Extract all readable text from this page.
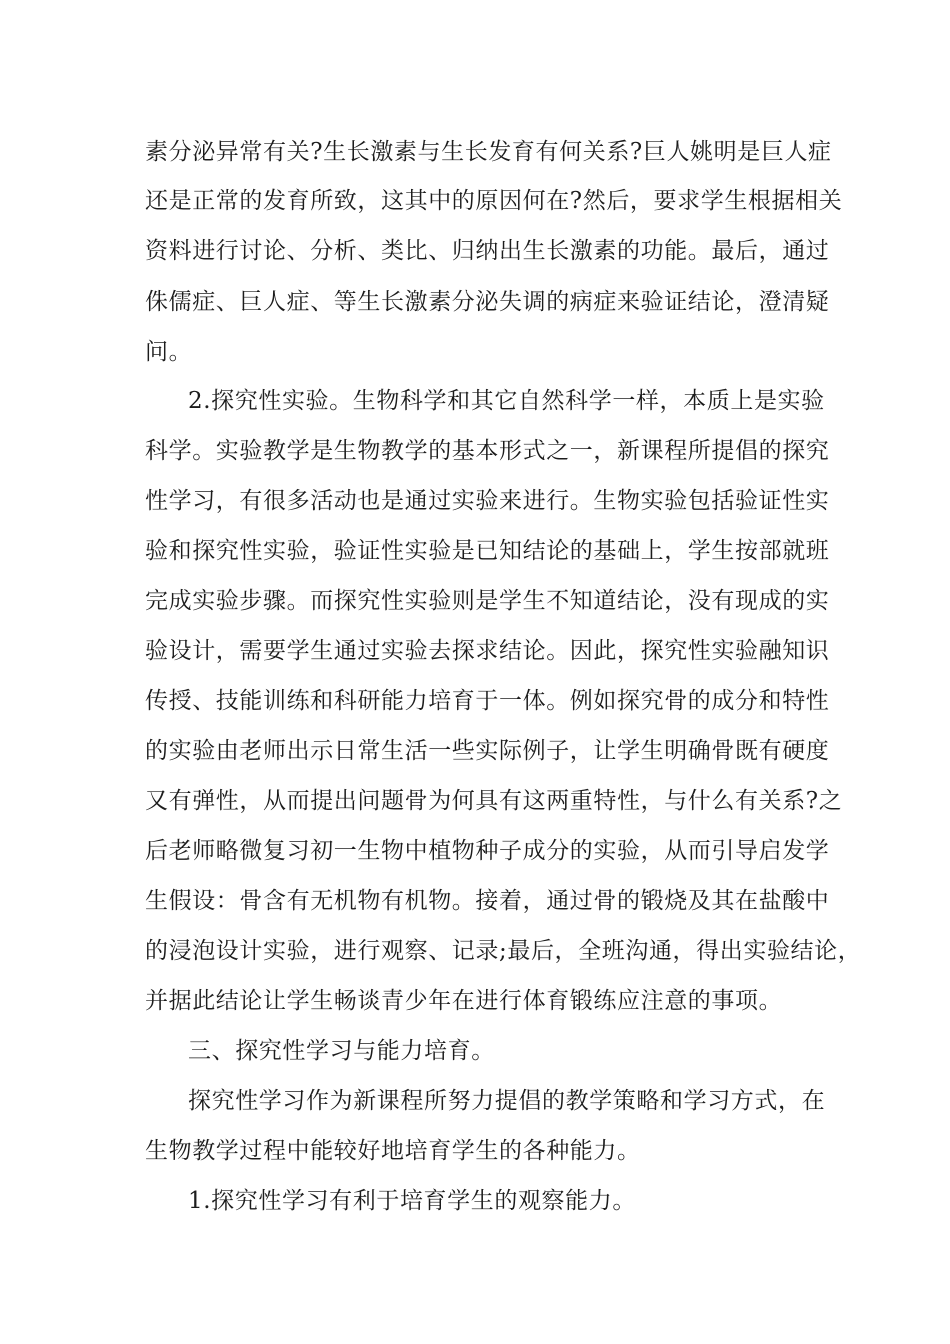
素分泌异常有关?生长激素与生长发育有何关系?巨人姚明是巨人症
还是正常的发育所致，这其中的原因何在?然后，要求学生根据相关
资料进行讨论、分析、类比、归纳出生长激素的功能。最后，通过
侏儒症、巨人症、等生长激素分泌失调的病症来验证结论，澄清疑
问。
2.探究性实验。生物科学和其它自然科学一样，本质上是实验
科学。实验教学是生物教学的基本形式之一，新课程所提倡的探究
性学习，有很多活动也是通过实验来进行。生物实验包括验证性实
验和探究性实验，验证性实验是已知结论的基础上，学生按部就班
完成实验步骤。而探究性实验则是学生不知道结论，没有现成的实
验设计，需要学生通过实验去探求结论。因此，探究性实验融知识
传授、技能训练和科研能力培育于一体。例如探究骨的成分和特性
的实验由老师出示日常生活一些实际例子，让学生明确骨既有硬度
又有弹性，从而提出问题骨为何具有这两重特性，与什么有关系?之
后老师略微复习初一生物中植物种子成分的实验，从而引导启发学
生假设：骨含有无机物有机物。接着，通过骨的锻烧及其在盐酸中
的浸泡设计实验，进行观察、记录;最后，全班沟通，得出实验结论，
并据此结论让学生畅谈青少年在进行体育锻练应注意的事项。
三、探究性学习与能力培育。
探究性学习作为新课程所努力提倡的教学策略和学习方式，在
生物教学过程中能较好地培育学生的各种能力。
1.探究性学习有利于培育学生的观察能力。
